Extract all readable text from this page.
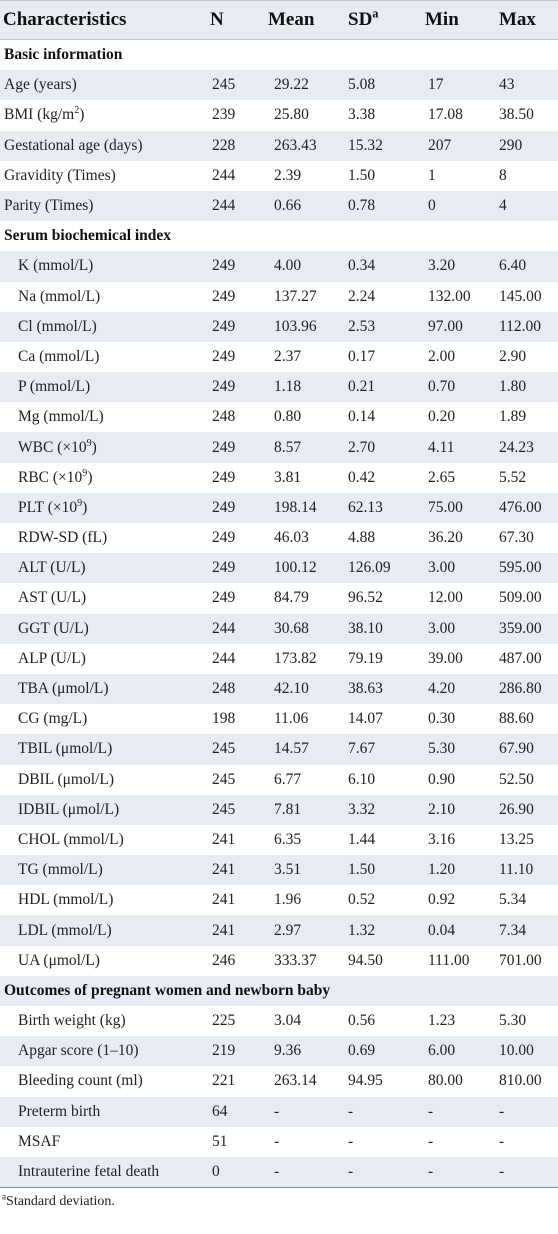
Characteristics	N	Mean	$SD^a$	Min	Max
Basic information
Age (years)	245	29.22	5.08	17	43
BMI $(kg/m^2)$	239	25.80	3.38	17.08	38.50
Gestational age (days)	228	263.43	15.32	207	290
Gravidity (Times)	244	2.39	1.50	1	8
Parity (Times)	244	0.66	0.78	0	4
Serum biochemical index
K (mmol/L)	249	4.00	0.34	3.20	6.40
Na (mmol/L)	249	137.27	2.24	132.00	145.00
Cl (mmol/L)	249	103.96	2.53	97.00	112.00
Ca (mmol/L)	249	2.37	0.17	2.00	2.90
P (mmol/L)	249	1.18	0.21	0.70	1.80
Mg (mmol/L)	248	0.80	0.14	0.20	1.89
WBC $(\times 10^9)$	249	8.57	2.70	4.11	24.23
RBC $(\times 10^9)$	249	3.81	0.42	2.65	5.52
PLT $(\times 10^9)$	249	198.14	62.13	75.00	476.00
RDW-SD (fL)	249	46.03	4.88	36.20	67.30
ALT (U/L)	249	100.12	126.09	3.00	595.00
AST (U/L)	249	84.79	96.52	12.00	509.00
GGT (U/L)	244	30.68	38.10	3.00	359.00
ALP (U/L)	244	173.82	79.19	39.00	487.00
TBA (μmol/L)	248	42.10	38.63	4.20	286.80
CG (mg/L)	198	11.06	14.07	0.30	88.60
TBIL (μmol/L)	245	14.57	7.67	5.30	67.90
DBIL (μmol/L)	245	6.77	6.10	0.90	52.50
IDBIL (μmol/L)	245	7.81	3.32	2.10	26.90
CHOL (mmol/L)	241	6.35	1.44	3.16	13.25
TG (mmol/L)	241	3.51	1.50	1.20	11.10
HDL (mmol/L)	241	1.96	0.52	0.92	5.34
LDL (mmol/L)	241	2.97	1.32	0.04	7.34
UA (μmol/L)	246	333.37	94.50	111.00	701.00
Outcomes of pregnant women and newborn baby
Birth weight (kg)	225	3.04	0.56	1.23	5.30
Apgar score (1–10)	219	9.36	0.69	6.00	10.00
Bleeding count (ml)	221	263.14	94.95	80.00	810.00
Preterm birth	64	-	-	-	-
MSAF	51	-	-	-	-
Intrauterine fetal death	0	-	-	-	-
$^a$Standard deviation.
